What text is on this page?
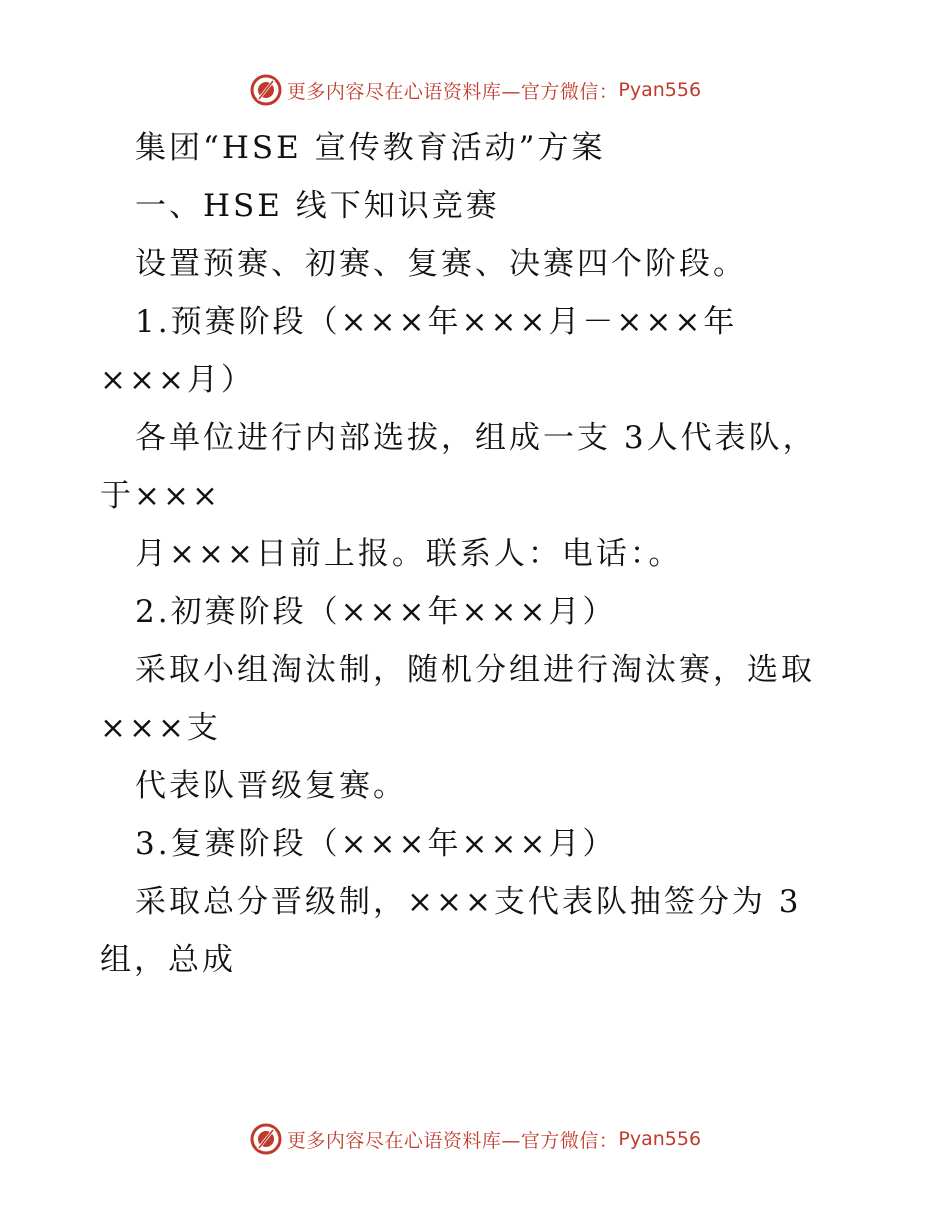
更多内容尽在心语资料库—官方微信： Pyan556
集团“HSE 宣传教育活动”方案
一、HSE 线下知识竞赛
设置预赛、初赛、复赛、决赛四个阶段。
1.预赛阶段（×××年×××月－×××年
×××月）
各单位进行内部选拔，组成一支 3人代表队，
于×××
月×××日前上报。联系人：电话：。
2.初赛阶段（×××年×××月）
采取小组淘汰制，随机分组进行淘汰赛，选取
×××支
代表队晋级复赛。
3.复赛阶段（×××年×××月）
采取总分晋级制，×××支代表队抽签分为 3
组，总成
更多内容尽在心语资料库—官方微信： Pyan556
